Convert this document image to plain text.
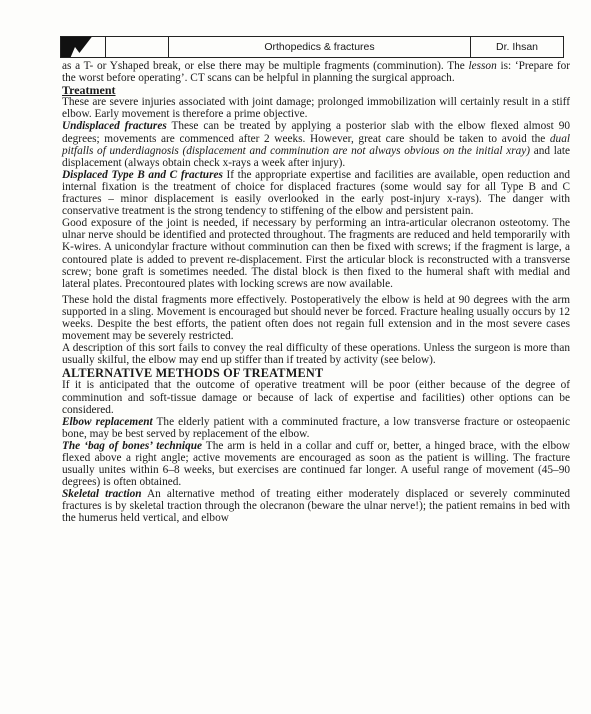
Orthopedics & fractures	Dr. Ihsan

as a T- or Yshaped break, or else there may be multiple fragments (comminution). The lesson is: ‘Prepare for the worst before operating’. CT scans can be helpful in planning the surgical approach.

Treatment

These are severe injuries associated with joint damage; prolonged immobilization will certainly result in a stiff elbow. Early movement is therefore a prime objective.

Undisplaced fractures These can be treated by applying a posterior slab with the elbow flexed almost 90 degrees; movements are commenced after 2 weeks. However, great care should be taken to avoid the dual pitfalls of underdiagnosis (displacement and comminution are not always obvious on the initial xray) and late displacement (always obtain check x-rays a week after injury).

Displaced Type B and C fractures If the appropriate expertise and facilities are available, open reduction and internal fixation is the treatment of choice for displaced fractures (some would say for all Type B and C fractures – minor displacement is easily overlooked in the early post-injury x-rays). The danger with conservative treatment is the strong tendency to stiffening of the elbow and persistent pain.

Good exposure of the joint is needed, if necessary by performing an intra-articular olecranon osteotomy. The ulnar nerve should be identified and protected throughout. The fragments are reduced and held temporarily with K-wires. A unicondylar fracture without comminution can then be fixed with screws; if the fragment is large, a contoured plate is added to prevent re-displacement. First the articular block is reconstructed with a transverse screw; bone graft is sometimes needed. The distal block is then fixed to the humeral shaft with medial and lateral plates. Precontoured plates with locking screws are now available.

These hold the distal fragments more effectively. Postoperatively the elbow is held at 90 degrees with the arm supported in a sling. Movement is encouraged but should never be forced. Fracture healing usually occurs by 12 weeks. Despite the best efforts, the patient often does not regain full extension and in the most severe cases movement may be severely restricted.

A description of this sort fails to convey the real difficulty of these operations. Unless the surgeon is more than usually skilful, the elbow may end up stiffer than if treated by activity (see below).

ALTERNATIVE METHODS OF TREATMENT

If it is anticipated that the outcome of operative treatment will be poor (either because of the degree of comminution and soft-tissue damage or because of lack of expertise and facilities) other options can be considered.

Elbow replacement The elderly patient with a comminuted fracture, a low transverse fracture or osteopaenic bone, may be best served by replacement of the elbow.

The ‘bag of bones’ technique The arm is held in a collar and cuff or, better, a hinged brace, with the elbow flexed above a right angle; active movements are encouraged as soon as the patient is willing. The fracture usually unites within 6–8 weeks, but exercises are continued far longer. A useful range of movement (45–90 degrees) is often obtained.

Skeletal traction An alternative method of treating either moderately displaced or severely comminuted fractures is by skeletal traction through the olecranon (beware the ulnar nerve!); the patient remains in bed with the humerus held vertical, and elbow
